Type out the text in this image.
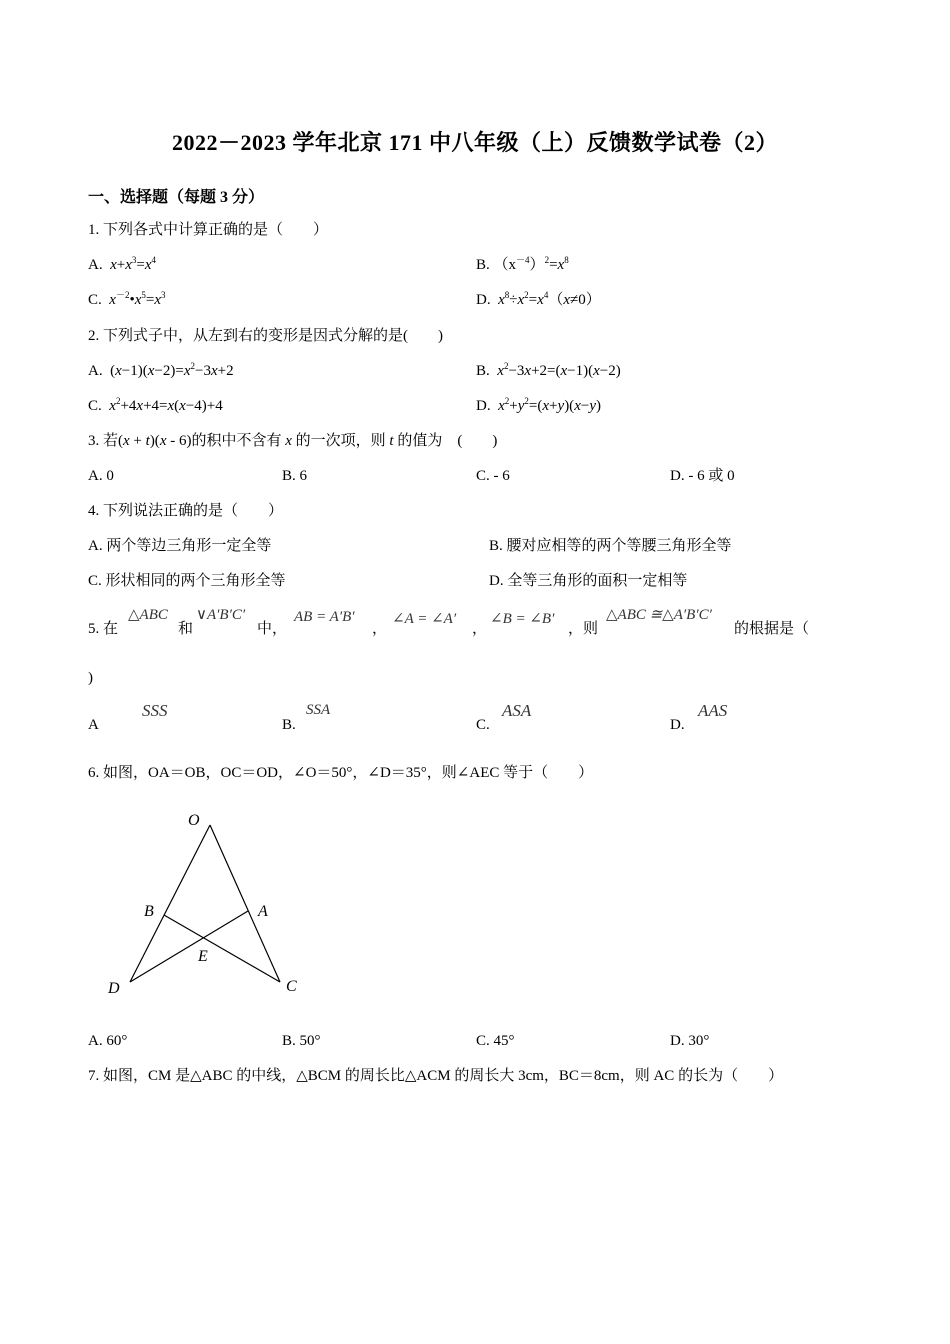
2022－2023 学年北京 171 中八年级（上）反馈数学试卷（2）
一、选择题（每题 3 分）
1. 下列各式中计算正确的是（　　）
A. $x+x^3=x^4$	B. $(x^{-4})^2=x^8$
C. $x^{-2}•x^5=x^3$	D. $x^8\div x^2=x^4(x\ne 0)$
2. 下列式子中，从左到右的变形是因式分解的是(　　)
A. $(x-1)(x-2)=x^2-3x+2$	B. $x^2-3x+2=(x-1)(x-2)$
C. $x^2+4x+4=x(x-4)+4$	D. $x^2+y^2=(x+y)(x-y)$
3. 若(x + t)(x - 6)的积中不含有 x 的一次项，则 t 的值为　(　　)
A. 0	B. 6	C. - 6	D. - 6 或 0
4. 下列说法正确的是（　　）
A. 两个等边三角形一定全等	B. 腰对应相等的两个等腰三角形全等
C. 形状相同的两个三角形全等	D. 全等三角形的面积一定相等
5. 在
△ABC
和
∨A′B′C′
中，
AB = A′B′
，
∠A = ∠A′
，
∠B = ∠B′
，则
△ABC ≅△A′B′C′
的根据是（
)
A
SSS
B.
SSA
C.
ASA
D.
AAS
6. 如图，OA＝OB，OC＝OD，∠O＝50°，∠D＝35°，则∠AEC 等于（　　）
O
B	A
E
D	C
A. 60°	B. 50°	C. 45°	D. 30°
7. 如图，CM 是△ABC 的中线，△BCM 的周长比△ACM 的周长大 3cm，BC＝8cm，则 AC 的长为（　　）
